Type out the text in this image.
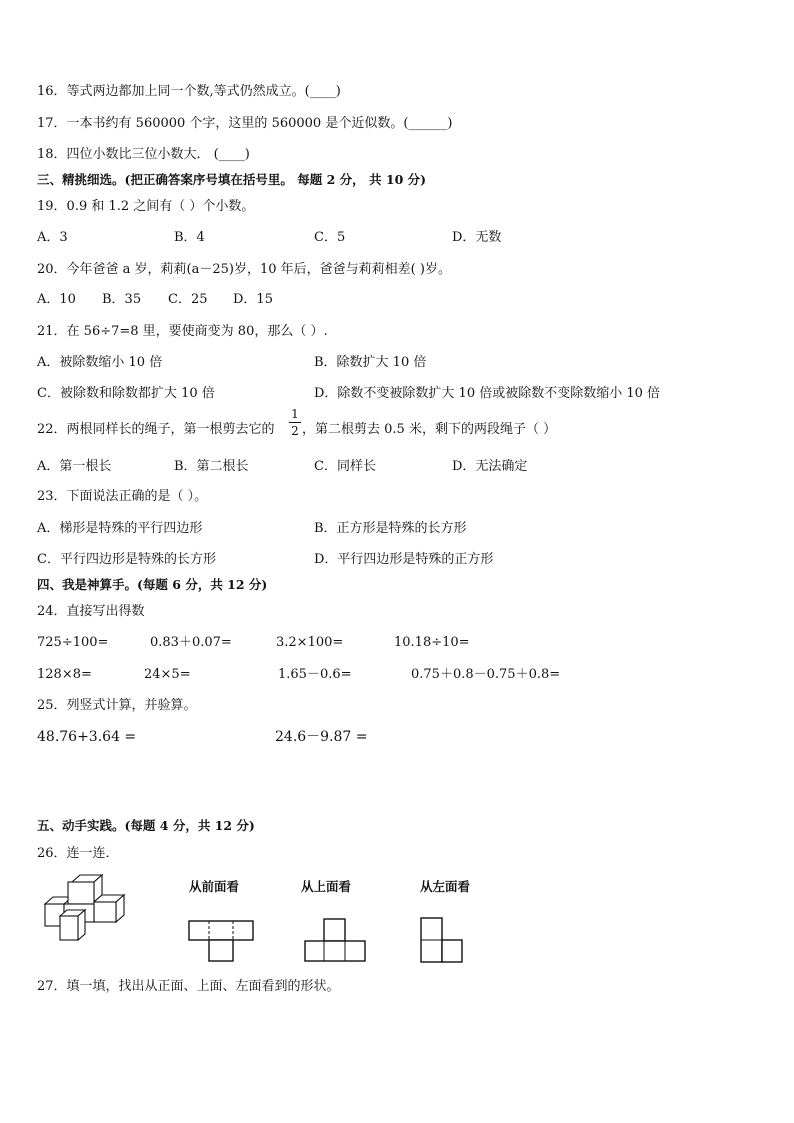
16．等式两边都加上同一个数,等式仍然成立。(____)
17．一本书约有 560000 个字，这里的 560000 是个近似数。(______)
18．四位小数比三位小数大． (____)
三、精挑细选。(把正确答案序号填在括号里。 每题 2 分， 共 10 分)
19．0.9 和 1.2 之间有（ ）个小数。
A．3	B．4	C．5	D．无数
20．今年爸爸 a 岁，莉莉(a－25)岁，10 年后，爸爸与莉莉相差( )岁。
A．10 B．35 C．25 D．15
21．在 56÷7=8 里，要使商变为 80，那么（ ）.
A．被除数缩小 10 倍	B．除数扩大 10 倍
C．被除数和除数都扩大 10 倍	D．除数不变被除数扩大 10 倍或被除数不变除数缩小 10 倍
22．两根同样长的绳子，第一根剪去它的
1
2 ，第二根剪去 0.5 米，剩下的两段绳子（ ）
A．第一根长	B．第二根长	C．同样长	D．无法确定
23．下面说法正确的是（ ）。
A．梯形是特殊的平行四边形	B．正方形是特殊的长方形
C．平行四边形是特殊的长方形	D．平行四边形是特殊的正方形
四、我是神算手。(每题 6 分，共 12 分)
24．直接写出得数
725÷100=	0.83＋0.07=	3.2×100=	10.18÷10=
128×8=	24×5=	1.65－0.6=	0.75＋0.8－0.75＋0.8=
25．列竖式计算，并验算。
48.76+3.64 =	24.6－9.87 =
五、动手实践。(每题 4 分，共 12 分)
26．连一连．
从前面看	从上面看	从左面看
27．填一填，找出从正面、上面、左面看到的形状。
